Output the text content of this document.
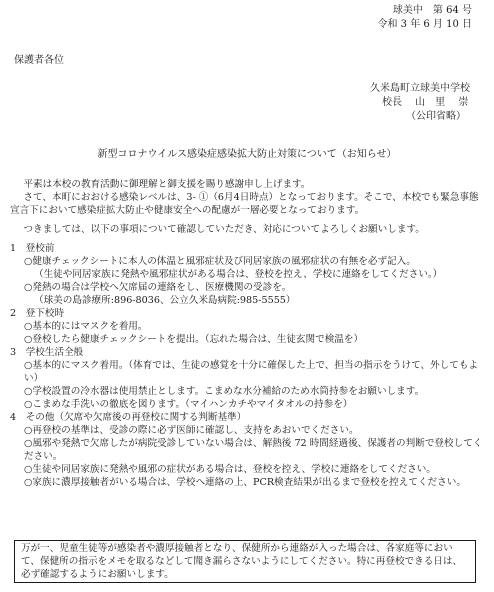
球美中　第 64 号
令和 3 年 6 月 10 日
保護者各位
久米島町立球美中学校
校長　 山　里　 崇
（公印省略）
新型コロナウイルス感染症感染拡大防止対策について（お知らせ）

平素は本校の教育活動に御理解と御支援を賜り感謝申し上げます。

さて、本町におおける感染レベルは、3- ①（6月4日時点）となっております。そこで、本校でも緊急事態宣言下において感染症拡大防止や健康安全への配慮が一層必要となっております。

つきましては、以下の事項について確認していただき、対応についてよろしくお願いします。

1　登校前

○健康チェックシートに本人の体温と風邪症状及び同居家族の風邪症状の有無を必ず記入。

（生徒や同居家族に発熱や風邪症状がある場合は、登校を控え、学校に連絡をしてください。）

○発熱の場合は学校へ欠席届の連絡をし、医療機関の受診を。

（球美の島診療所:896-8036、公立久米島病院:985-5555）

2　登下校時

○基本的にはマスクを着用。

○登校したら健康チェックシートを提出。（忘れた場合は、生徒玄関で検温を）

3　学校生活全般

○基本的にマスク着用。（体育では、生徒の感覚を十分に確保した上で、担当の指示をうけて、外してもよい）

○学校設置の冷水器は使用禁止とします。こまめな水分補給のため水筒持参をお願いします。

○こまめな手洗いの徹底を図ります。（マイハンカチやマイタオルの持参を）

4　その他（欠席や欠席後の再登校に関する判断基準）

○再登校の基準は、受診の際に必ず医師に確認し、支持をあおいでください。

○風邪や発熱で欠席したが病院受診していない場合は、解熱後 72 時間経過後、保護者の判断で登校してください。

○生徒や同居家族に発熱や風邪の症状がある場合は、登校を控え、学校に連絡をしてください。

○家族に濃厚接触者がいる場合は、学校へ連絡の上、PCR検査結果が出るまで登校を控えてください。

万が一、児童生徒等が感染者や濃厚接触者となり、保健所から連絡が入った場合は、各家庭等において、保健所の指示をメモを取るなどして聞き漏らさないようにしてください。特に再登校できる日は、必ず確認するようにお願いします。
